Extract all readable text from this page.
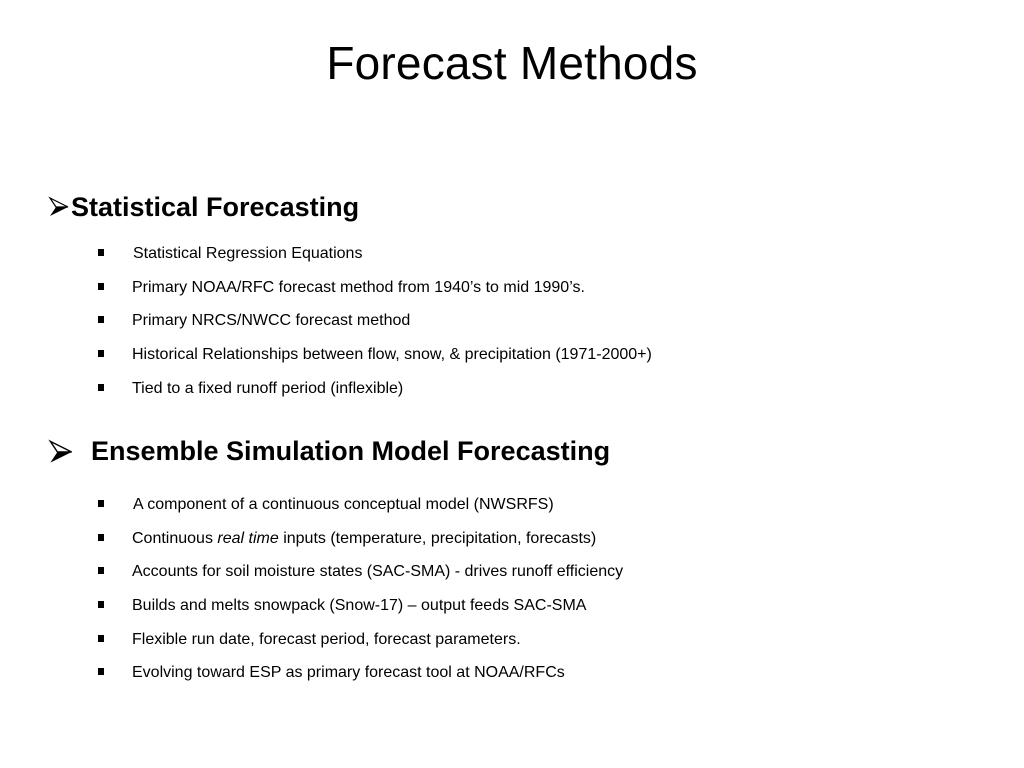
Forecast Methods
Statistical Forecasting
Statistical Regression Equations
Primary NOAA/RFC forecast method from 1940’s to mid 1990’s.
Primary NRCS/NWCC forecast method
Historical Relationships between flow, snow, & precipitation (1971-2000+)
Tied to a fixed runoff period (inflexible)
Ensemble Simulation Model Forecasting
A component of a continuous conceptual model (NWSRFS)
Continuous real time inputs (temperature, precipitation, forecasts)
Accounts for soil moisture states (SAC-SMA) - drives runoff efficiency
Builds and melts snowpack (Snow-17) – output feeds SAC-SMA
Flexible run date, forecast period, forecast parameters.
Evolving toward ESP as primary forecast tool at NOAA/RFCs
